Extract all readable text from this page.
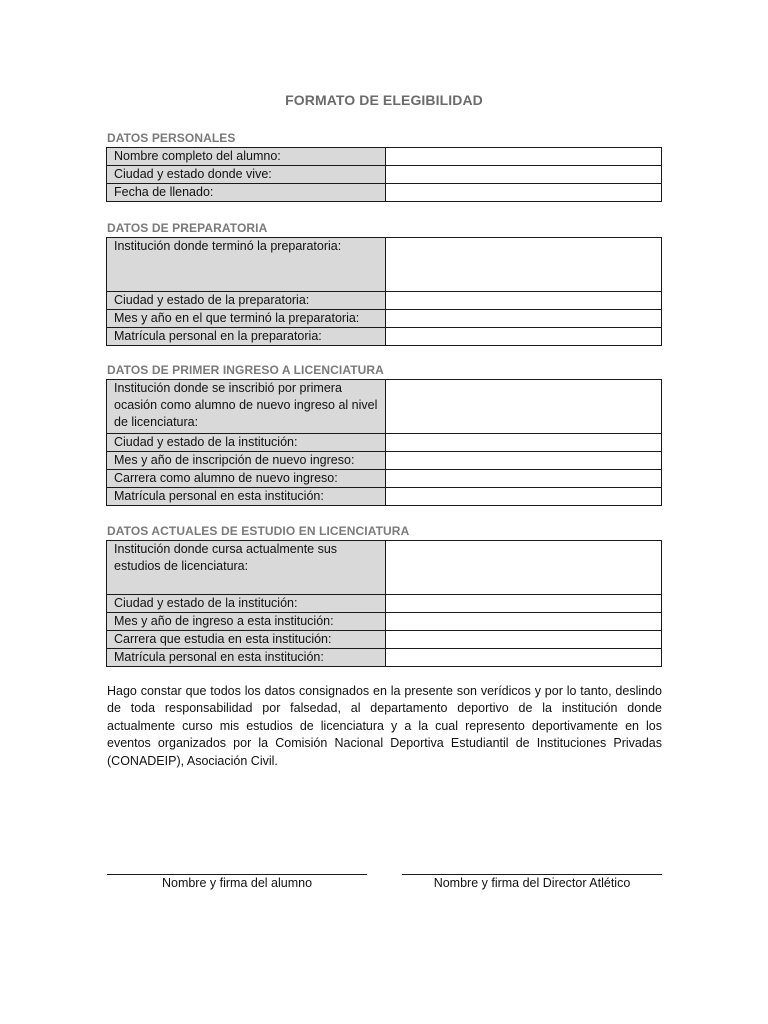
FORMATO DE ELEGIBILIDAD
DATOS PERSONALES
Nombre completo del alumno:	
Ciudad y estado donde vive:	
Fecha de llenado:	
DATOS DE PREPARATORIA
Institución donde terminó la preparatoria:	
Ciudad y estado de la preparatoria:	
Mes y año en el que terminó la preparatoria:	
Matrícula personal en la preparatoria:	
DATOS DE PRIMER INGRESO A LICENCIATURA
Institución donde se inscribió por primera ocasión como alumno de nuevo ingreso al nivel de licenciatura:	
Ciudad y estado de la institución:	
Mes y año de inscripción de nuevo ingreso:	
Carrera como alumno de nuevo ingreso:	
Matrícula personal en esta institución:	
DATOS ACTUALES DE ESTUDIO EN LICENCIATURA
Institución donde cursa actualmente sus estudios de licenciatura:	
Ciudad y estado de la institución:	
Mes y año de ingreso a esta institución:	
Carrera que estudia en esta institución:	
Matrícula personal en esta institución:	
Hago constar que todos los datos consignados en la presente son verídicos y por lo tanto, deslindo de toda responsabilidad por falsedad, al departamento deportivo de la institución donde actualmente curso mis estudios de licenciatura y a la cual represento deportivamente en los eventos organizados por la Comisión Nacional Deportiva Estudiantil de Instituciones Privadas (CONADEIP), Asociación Civil.
Nombre y firma del alumno	Nombre y firma del Director Atlético
